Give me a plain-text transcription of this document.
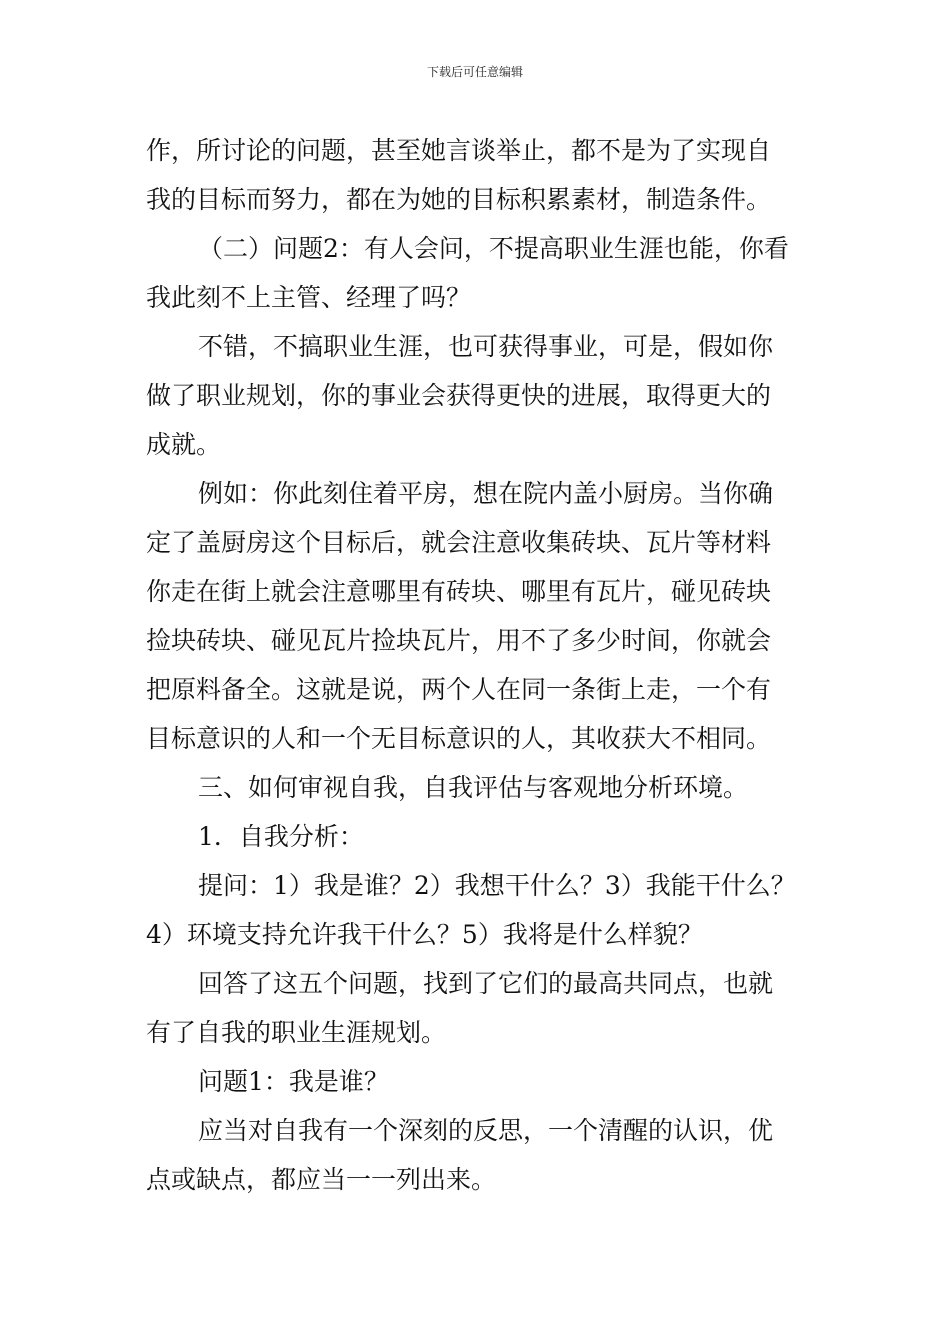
下载后可任意编辑
作，所讨论的问题，甚至她言谈举止，都不是为了实现自
我的目标而努力，都在为她的目标积累素材，制造条件。
（二）问题2：有人会问，不提高职业生涯也能，你看
我此刻不上主管、经理了吗？
不错，不搞职业生涯，也可获得事业，可是，假如你
做了职业规划，你的事业会获得更快的进展，取得更大的
成就。
例如：你此刻住着平房，想在院内盖小厨房。当你确
定了盖厨房这个目标后，就会注意收集砖块、瓦片等材料
你走在街上就会注意哪里有砖块、哪里有瓦片，碰见砖块
捡块砖块、碰见瓦片捡块瓦片，用不了多少时间，你就会
把原料备全。这就是说，两个人在同一条街上走，一个有
目标意识的人和一个无目标意识的人，其收获大不相同。
三、如何审视自我，自我评估与客观地分析环境。
1．自我分析：
提问：1）我是谁？2）我想干什么？3）我能干什么？
4）环境支持允许我干什么？5）我将是什么样貌？
回答了这五个问题，找到了它们的最高共同点，也就
有了自我的职业生涯规划。
问题1：我是谁？
应当对自我有一个深刻的反思，一个清醒的认识，优
点或缺点，都应当一一列出来。
